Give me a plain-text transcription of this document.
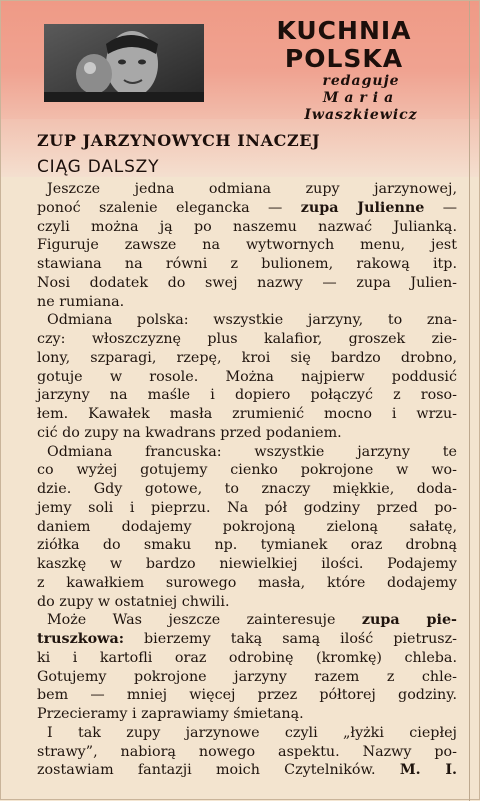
KUCHNIA
POLSKA
redaguje
Maria
Iwaszkiewicz
ZUP JARZYNOWYCH INACZEJ
CIĄG DALSZY
Jeszcze jedna odmiana zupy jarzynowej,
ponoć szalenie elegancka — zupa Julienne —
czyli można ją po naszemu nazwać Julianką.
Figuruje zawsze na wytwornych menu, jest
stawiana na równi z bulionem, rakową itp.
Nosi dodatek do swej nazwy — zupa Julien-
ne rumiana.
Odmiana polska: wszystkie jarzyny, to zna-
czy: włoszczyznę plus kalafior, groszek zie-
lony, szparagi, rzepę, kroi się bardzo drobno,
gotuje w rosole. Można najpierw poddusić
jarzyny na maśle i dopiero połączyć z roso-
łem. Kawałek masła zrumienić mocno i wrzu-
cić do zupy na kwadrans przed podaniem.
Odmiana francuska: wszystkie jarzyny te
co wyżej gotujemy cienko pokrojone w wo-
dzie. Gdy gotowe, to znaczy miękkie, doda-
jemy soli i pieprzu. Na pół godziny przed po-
daniem dodajemy pokrojoną zieloną sałatę,
ziółka do smaku np. tymianek oraz drobną
kaszkę w bardzo niewielkiej ilości. Podajemy
z kawałkiem surowego masła, które dodajemy
do zupy w ostatniej chwili.
Może Was jeszcze zainteresuje zupa pie-
truszkowa: bierzemy taką samą ilość pietrusz-
ki i kartofli oraz odrobinę (kromkę) chleba.
Gotujemy pokrojone jarzyny razem z chle-
bem — mniej więcej przez półtorej godziny.
Przecieramy i zaprawiamy śmietaną.
I tak zupy jarzynowe czyli „łyżki ciepłej
strawy”, nabiorą nowego aspektu. Nazwy po-
zostawiam fantazji moich Czytelników. M. I.
